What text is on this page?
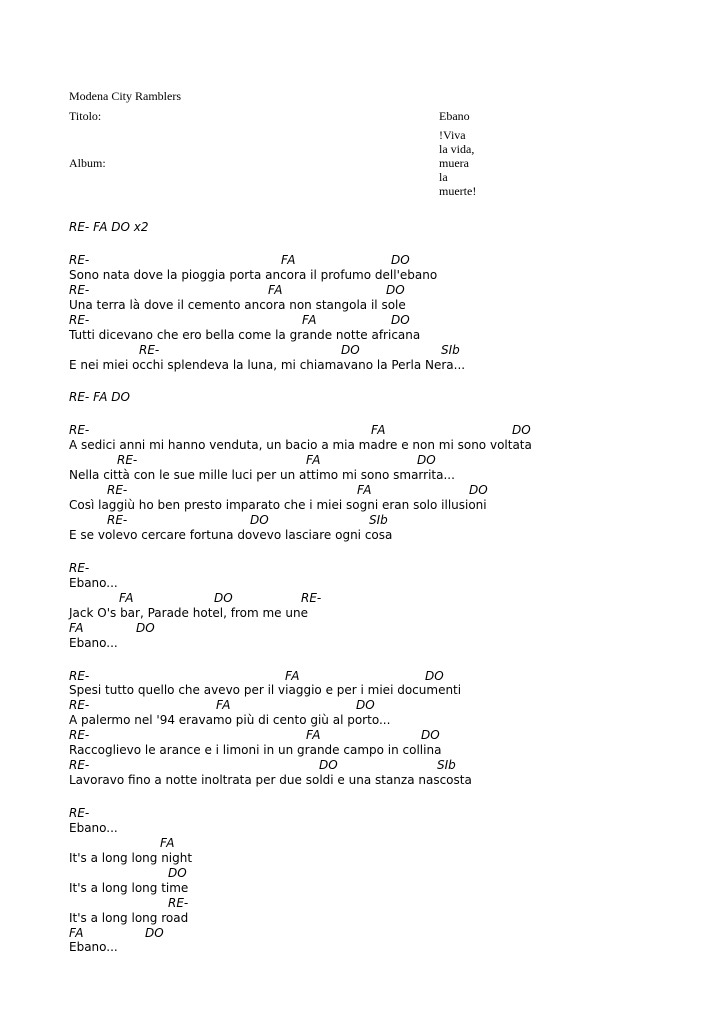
Modena City Ramblers
Titolo:	Ebano
Album:
!Viva
la vida,
muera
la
muerte!
RE- FA DO x2

RE-

	FA

	DO

Sono nata dove la pioggia porta ancora il profumo dell'ebano

RE-

	FA

	DO

Una terra là dove il cemento ancora non stangola il sole

RE-

	FA

	DO

Tutti dicevano che ero bella come la grande notte africana

RE-

	DO

	SIb

E nei miei occhi splendeva la luna, mi chiamavano la Perla Nera...
RE- FA DO

RE-

	FA

	DO

A sedici anni mi hanno venduta, un bacio a mia madre e non mi sono voltata

RE-

	FA

	DO

Nella città con le sue mille luci per un attimo mi sono smarrita...

RE-

	FA

	DO

Così laggiù ho ben presto imparato che i miei sogni eran solo illusioni

RE-

	DO

	SIb

E se volevo cercare fortuna dovevo lasciare ogni cosa
RE-
Ebano...

FA

	DO

	RE-

Jack O's bar, Parade hotel, from me une

FA

	DO

Ebano...

RE-

	FA

	DO

Spesi tutto quello che avevo per il viaggio e per i miei documenti

RE-

	FA

	DO

A palermo nel '94 eravamo più di cento giù al porto...

RE-

	FA

	DO

Raccoglievo le arance e i limoni in un grande campo in collina

RE-

	DO

	SIb

Lavoravo fino a notte inoltrata per due soldi e una stanza nascosta
RE-
Ebano...

FA

It's a long long night

DO

It's a long long time

RE-

It's a long long road

FA

	DO

Ebano...
